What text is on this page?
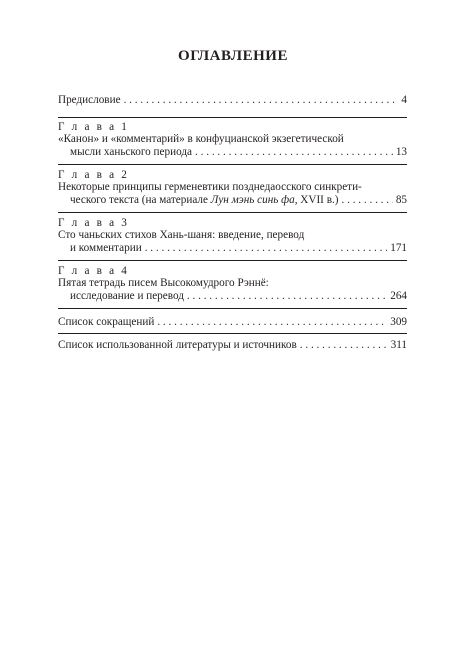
ОГЛАВЛЕНИЕ
Предисловие . . .	4
Г л а в а 1
«Канон» и «комментарий» в конфуцианской экзегетической
мысли ханьского периода . . .	13
Г л а в а 2
Некоторые принципы герменевтики позднедаосского синкрети-
ческого текста (на материале Лун мэнь синь фа, XVII в.) . . .	85
Г л а в а 3
Сто чаньских стихов Хань-шаня: введение, перевод
и комментарии . . .	171
Г л а в а 4
Пятая тетрадь писем Высокомудрого Рэннё:
исследование и перевод . . .	264
Список сокращений . . .	309
Список использованной литературы и источников . . .	311
